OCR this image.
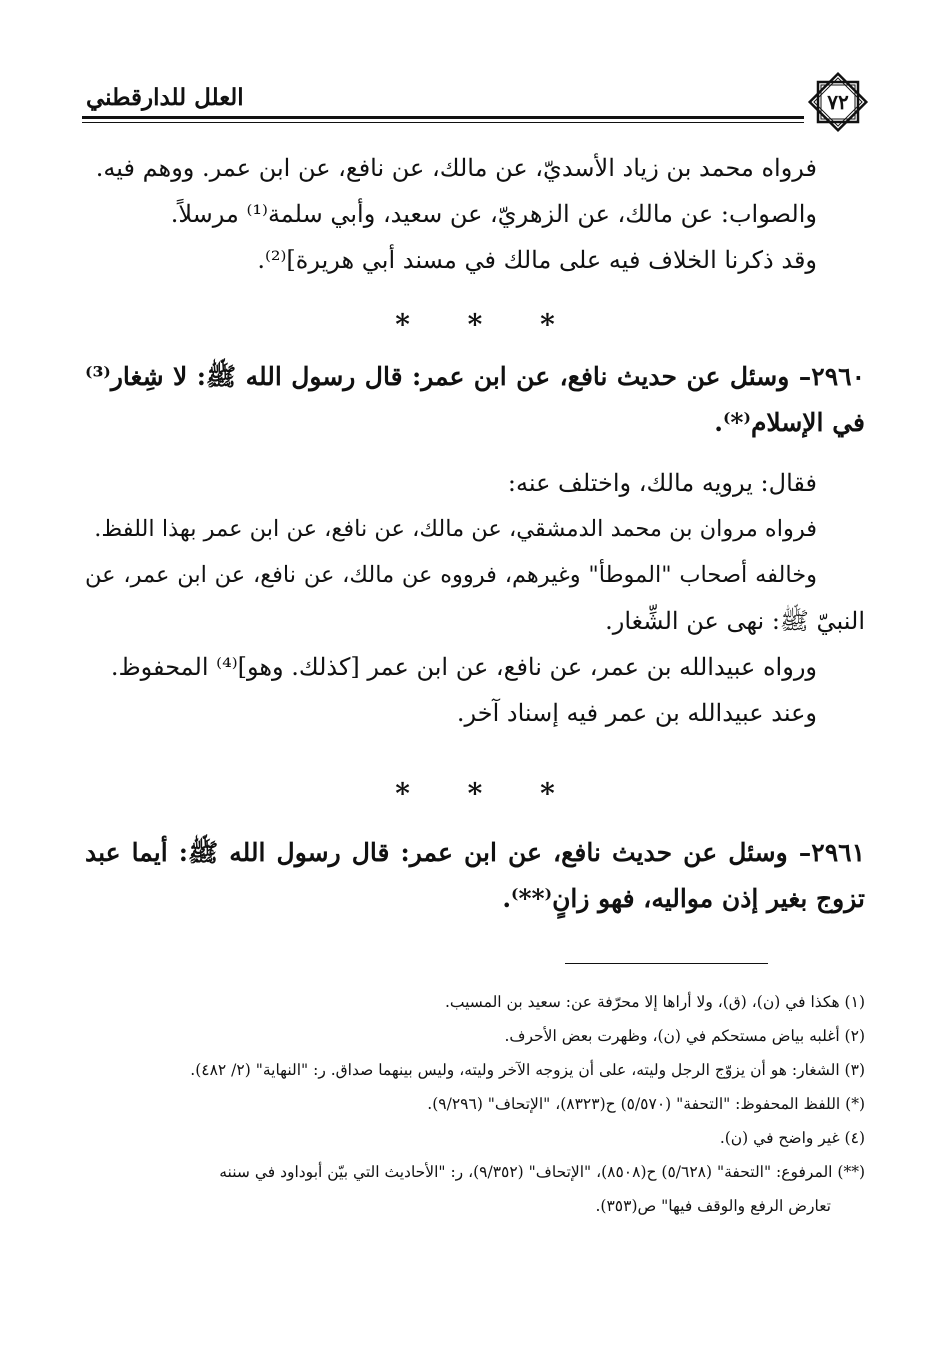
٧٢
العلل للدارقطني
فرواه محمد بن زياد الأسديّ، عن مالك، عن نافع، عن ابن عمر. ووهم فيه.
والصواب: عن مالك، عن الزهريّ، عن سعيد، وأبي سلمة⁽¹⁾ مرسلاً.
وقد ذكرنا الخلاف فيه على مالك في مسند أبي هريرة]⁽²⁾.
* * *
٢٩٦٠– وسئل عن حديث نافع، عن ابن عمر: قال رسول الله ﷺ: لا شِغار⁽³⁾
في الإسلام⁽*⁾.
فقال: يرويه مالك، واختلف عنه:
فرواه مروان بن محمد الدمشقي، عن مالك، عن نافع، عن ابن عمر بهذا اللفظ.
وخالفه أصحاب "الموطأ" وغيرهم، فرووه عن مالك، عن نافع، عن ابن عمر، عن
النبيّ ﷺ: نهى عن الشِّغار.
ورواه عبيدالله بن عمر، عن نافع، عن ابن عمر [كذلك. وهو]⁽⁴⁾ المحفوظ.
وعند عبيدالله بن عمر فيه إسناد آخر.
* * *
٢٩٦١– وسئل عن حديث نافع، عن ابن عمر: قال رسول الله ﷺ: أيما عبد
تزوج بغير إذن مواليه، فهو زانٍ⁽**⁾.
(١) هكذا في (ن)، (ق)، ولا أراها إلا محرّفة عن: سعيد بن المسيب.
(٢) أغلبه بياض مستحكم في (ن)، وظهرت بعض الأحرف.
(٣) الشغار: هو أن يزوّج الرجل وليته، على أن يزوجه الآخر وليته، وليس بينهما صداق. ر: "النهاية" (٢/ ٤٨٢).
(*) اللفظ المحفوظ: "التحفة" (٥/٥٧٠) ح(٨٣٢٣)، "الإتحاف" (٩/٢٩٦).
(٤) غير واضح في (ن).
(**) المرفوع: "التحفة" (٥/٦٢٨) ح(٨٥٠٨)، "الإتحاف" (٩/٣٥٢)، ر: "الأحاديث التي بيّن أبوداود في سننه
تعارض الرفع والوقف فيها" ص(٣٥٣).
